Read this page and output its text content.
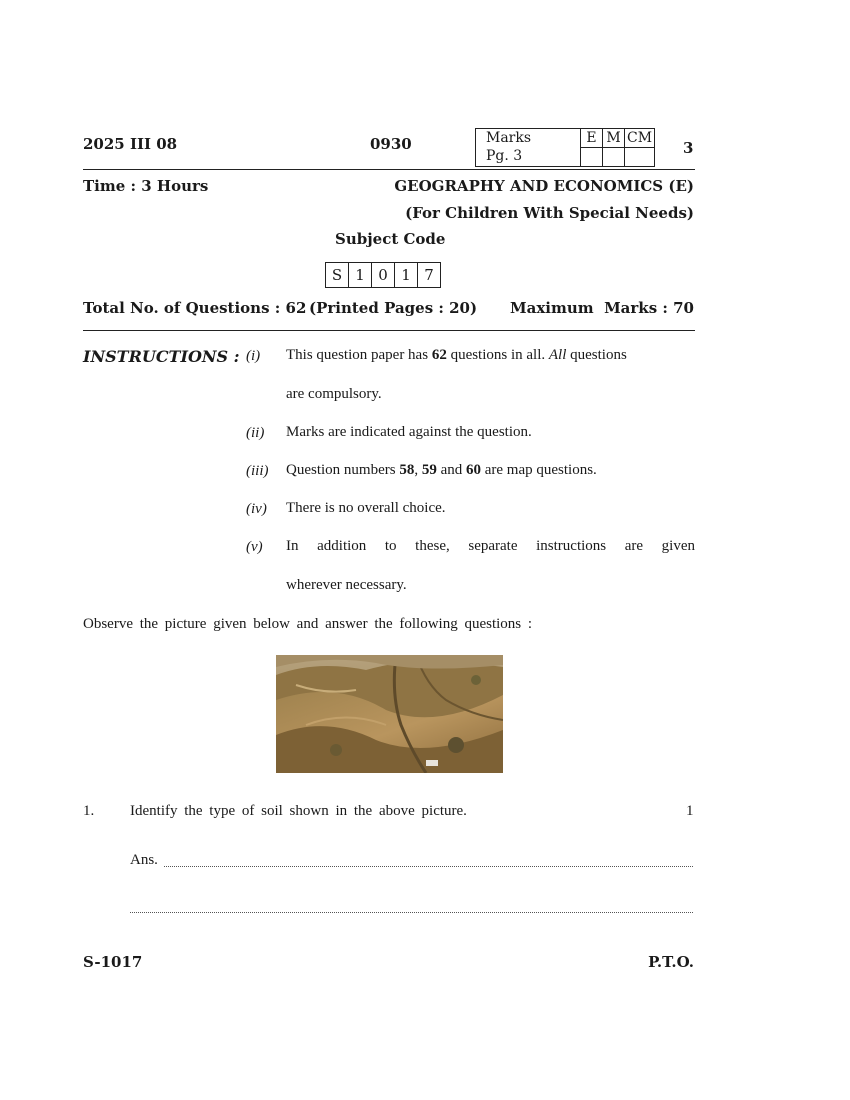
2025 III 08	0930	Marks
Pg. 3	E	M	CM

3
Time : 3 Hours	GEOGRAPHY AND ECONOMICS (E)
(For Children With Special Needs)
Subject Code
S	1	0	1	7
Total No. of Questions : 62 (Printed Pages : 20) Maximum  Marks : 70
INSTRUCTIONS : (i) This question paper has 62 questions in all. All questions
are compulsory.
(ii) Marks are indicated against the question.
(iii) Question numbers 58, 59 and 60 are map questions.
(iv) There is no overall choice.
(v) In addition to these, separate instructions are given
wherever necessary.
Observe the picture given below and answer the following questions :
1. Identify the type of soil shown in the above picture.	1
Ans.
S-1017	P.T.O.
